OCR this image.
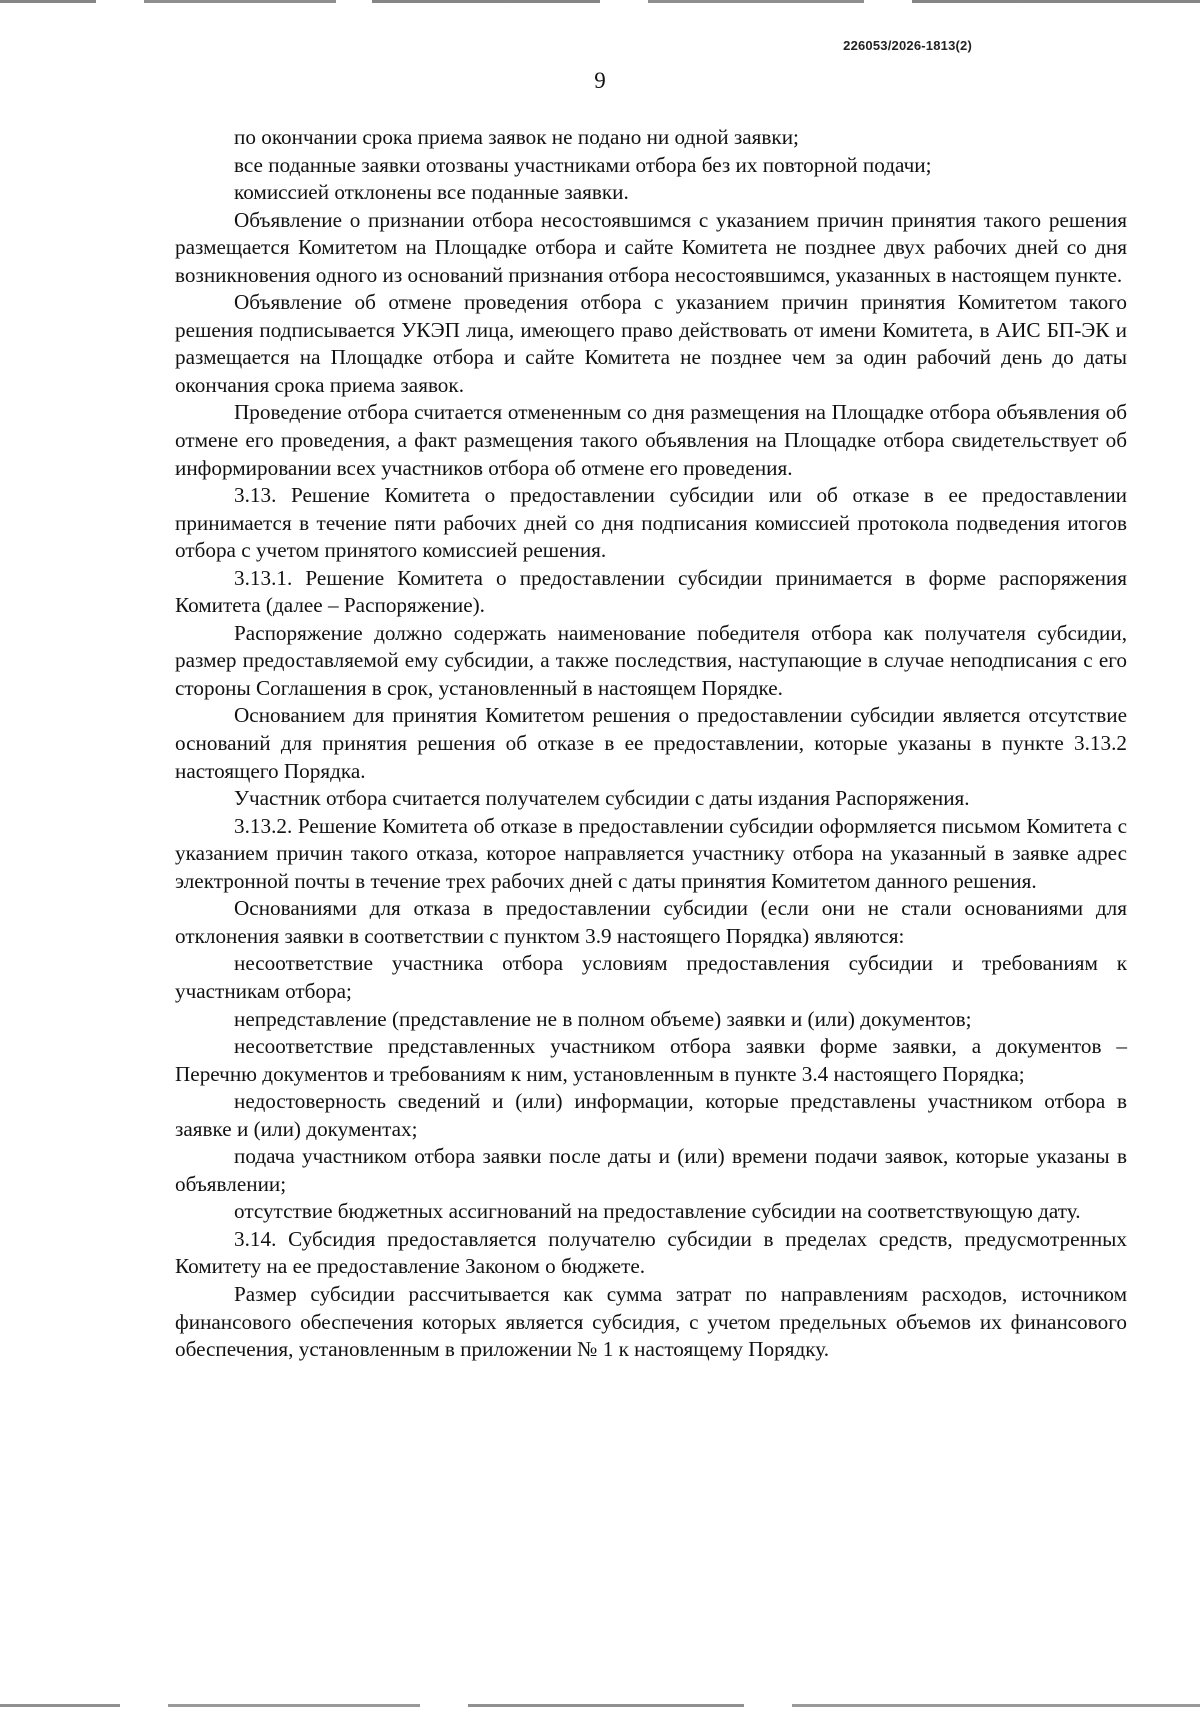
226053/2026-1813(2)
9

по окончании срока приема заявок не подано ни одной заявки;

все поданные заявки отозваны участниками отбора без их повторной подачи;

комиссией отклонены все поданные заявки.

Объявление о признании отбора несостоявшимся с указанием причин принятия такого решения размещается Комитетом на Площадке отбора и сайте Комитета не позднее двух рабочих дней со дня возникновения одного из оснований признания отбора несостоявшимся, указанных в настоящем пункте.

Объявление об отмене проведения отбора с указанием причин принятия Комитетом такого решения подписывается УКЭП лица, имеющего право действовать от имени Комитета, в АИС БП-ЭК и размещается на Площадке отбора и сайте Комитета не позднее чем за один рабочий день до даты окончания срока приема заявок.

Проведение отбора считается отмененным со дня размещения на Площадке отбора объявления об отмене его проведения, а факт размещения такого объявления на Площадке отбора свидетельствует об информировании всех участников отбора об отмене его проведения.

3.13. Решение Комитета о предоставлении субсидии или об отказе в ее предоставлении принимается в течение пяти рабочих дней со дня подписания комиссией протокола подведения итогов отбора с учетом принятого комиссией решения.

3.13.1. Решение Комитета о предоставлении субсидии принимается в форме распоряжения Комитета (далее – Распоряжение).

Распоряжение должно содержать наименование победителя отбора как получателя субсидии, размер предоставляемой ему субсидии, а также последствия, наступающие в случае неподписания с его стороны Соглашения в срок, установленный в настоящем Порядке.

Основанием для принятия Комитетом решения о предоставлении субсидии является отсутствие оснований для принятия решения об отказе в ее предоставлении, которые указаны в пункте 3.13.2 настоящего Порядка.

Участник отбора считается получателем субсидии с даты издания Распоряжения.

3.13.2. Решение Комитета об отказе в предоставлении субсидии оформляется письмом Комитета с указанием причин такого отказа, которое направляется участнику отбора на указанный в заявке адрес электронной почты в течение трех рабочих дней с даты принятия Комитетом данного решения.

Основаниями для отказа в предоставлении субсидии (если они не стали основаниями для отклонения заявки в соответствии с пунктом 3.9 настоящего Порядка) являются:

несоответствие участника отбора условиям предоставления субсидии и требованиям к участникам отбора;

непредставление (представление не в полном объеме) заявки и (или) документов;

несоответствие представленных участником отбора заявки форме заявки, а документов – Перечню документов и требованиям к ним, установленным в пункте 3.4 настоящего Порядка;

недостоверность сведений и (или) информации, которые представлены участником отбора в заявке и (или) документах;

подача участником отбора заявки после даты и (или) времени подачи заявок, которые указаны в объявлении;

отсутствие бюджетных ассигнований на предоставление субсидии на соответствующую дату.

3.14. Субсидия предоставляется получателю субсидии в пределах средств, предусмотренных Комитету на ее предоставление Законом о бюджете.

Размер субсидии рассчитывается как сумма затрат по направлениям расходов, источником финансового обеспечения которых является субсидия, с учетом предельных объемов их финансового обеспечения, установленным в приложении № 1 к настоящему Порядку.
